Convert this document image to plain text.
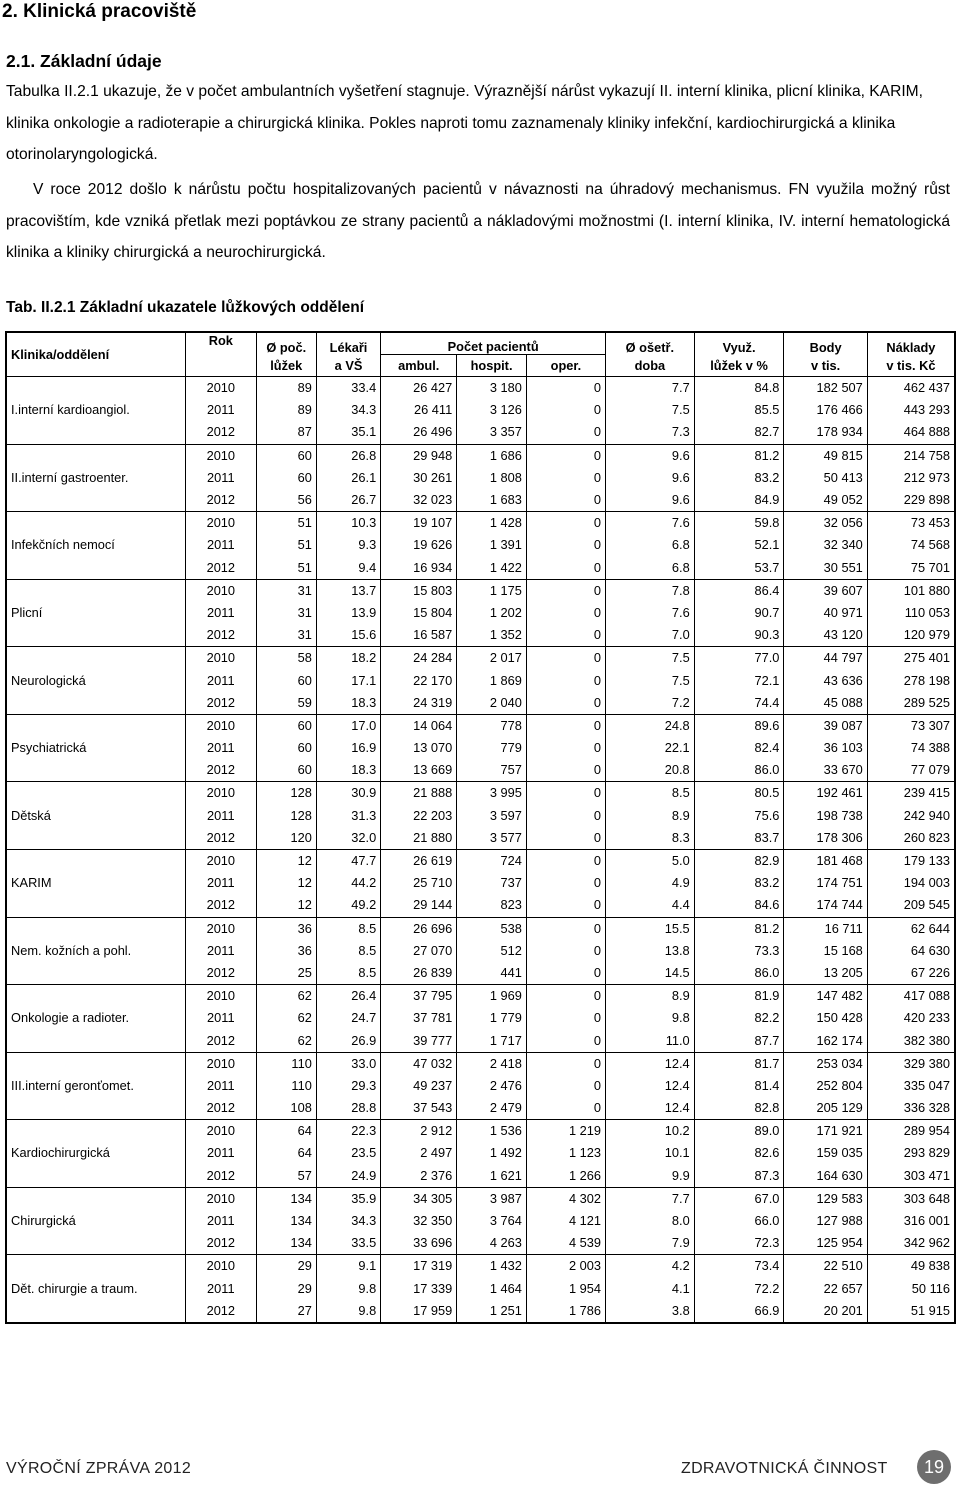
2. Klinická pracoviště
2.1. Základní údaje
Tabulka II.2.1 ukazuje, že v počet ambulantních vyšetření stagnuje. Výraznější nárůst vykazují II. interní klinika, plicní klinika, KARIM, klinika onkologie a radioterapie a chirurgická klinika. Pokles naproti tomu zaznamenaly kliniky infekční, kardiochirurgická a klinika otorinolaryngologická.
V roce 2012 došlo k nárůstu počtu hospitalizovaných pacientů v návaznosti na úhradový mechanismus. FN využila možný růst pracovištím, kde vzniká přetlak mezi poptávkou ze strany pacientů a nákladovými možnostmi (I. interní klinika, IV. interní hematologická klinika a kliniky chirurgická a neurochirurgická.
Tab. II.2.1 Základní ukazatele lůžkových oddělení
Klinika/oddělení	Rok	Ø poč.	Lékaři	Počet pacientů			Ø ošetř.	Využ.	Body	Náklady
		lůžek	a VŠ	ambul.	hospit.	oper.	doba	lůžek v %	v tis.	v tis. Kč
I.interní kardioangiol.	2010	89	33.4	26 427	3 180	0	7.7	84.8	182 507	462 437
	2011	89	34.3	26 411	3 126	0	7.5	85.5	176 466	443 293
	2012	87	35.1	26 496	3 357	0	7.3	82.7	178 934	464 888
II.interní gastroenter.	2010	60	26.8	29 948	1 686	0	9.6	81.2	49 815	214 758
	2011	60	26.1	30 261	1 808	0	9.6	83.2	50 413	212 973
	2012	56	26.7	32 023	1 683	0	9.6	84.9	49 052	229 898
Infekčních nemocí	2010	51	10.3	19 107	1 428	0	7.6	59.8	32 056	73 453
	2011	51	9.3	19 626	1 391	0	6.8	52.1	32 340	74 568
	2012	51	9.4	16 934	1 422	0	6.8	53.7	30 551	75 701
Plicní	2010	31	13.7	15 803	1 175	0	7.8	86.4	39 607	101 880
	2011	31	13.9	15 804	1 202	0	7.6	90.7	40 971	110 053
	2012	31	15.6	16 587	1 352	0	7.0	90.3	43 120	120 979
Neurologická	2010	58	18.2	24 284	2 017	0	7.5	77.0	44 797	275 401
	2011	60	17.1	22 170	1 869	0	7.5	72.1	43 636	278 198
	2012	59	18.3	24 319	2 040	0	7.2	74.4	45 088	289 525
Psychiatrická	2010	60	17.0	14 064	778	0	24.8	89.6	39 087	73 307
	2011	60	16.9	13 070	779	0	22.1	82.4	36 103	74 388
	2012	60	18.3	13 669	757	0	20.8	86.0	33 670	77 079
Dětská	2010	128	30.9	21 888	3 995	0	8.5	80.5	192 461	239 415
	2011	128	31.3	22 203	3 597	0	8.9	75.6	198 738	242 940
	2012	120	32.0	21 880	3 577	0	8.3	83.7	178 306	260 823
KARIM	2010	12	47.7	26 619	724	0	5.0	82.9	181 468	179 133
	2011	12	44.2	25 710	737	0	4.9	83.2	174 751	194 003
	2012	12	49.2	29 144	823	0	4.4	84.6	174 744	209 545
Nem. kožních a pohl.	2010	36	8.5	26 696	538	0	15.5	81.2	16 711	62 644
	2011	36	8.5	27 070	512	0	13.8	73.3	15 168	64 630
	2012	25	8.5	26 839	441	0	14.5	86.0	13 205	67 226
Onkologie a radioter.	2010	62	26.4	37 795	1 969	0	8.9	81.9	147 482	417 088
	2011	62	24.7	37 781	1 779	0	9.8	82.2	150 428	420 233
	2012	62	26.9	39 777	1 717	0	11.0	87.7	162 174	382 380
III.interní geronťomet.	2010	110	33.0	47 032	2 418	0	12.4	81.7	253 034	329 380
	2011	110	29.3	49 237	2 476	0	12.4	81.4	252 804	335 047
	2012	108	28.8	37 543	2 479	0	12.4	82.8	205 129	336 328
Kardiochirurgická	2010	64	22.3	2 912	1 536	1 219	10.2	89.0	171 921	289 954
	2011	64	23.5	2 497	1 492	1 123	10.1	82.6	159 035	293 829
	2012	57	24.9	2 376	1 621	1 266	9.9	87.3	164 630	303 471
Chirurgická	2010	134	35.9	34 305	3 987	4 302	7.7	67.0	129 583	303 648
	2011	134	34.3	32 350	3 764	4 121	8.0	66.0	127 988	316 001
	2012	134	33.5	33 696	4 263	4 539	7.9	72.3	125 954	342 962
Dět. chirurgie a traum.	2010	29	9.1	17 319	1 432	2 003	4.2	73.4	22 510	49 838
	2011	29	9.8	17 339	1 464	1 954	4.1	72.2	22 657	50 116
	2012	27	9.8	17 959	1 251	1 786	3.8	66.9	20 201	51 915
VÝROČNÍ ZPRÁVA 2012	ZDRAVOTNICKÁ ČINNOST	19
